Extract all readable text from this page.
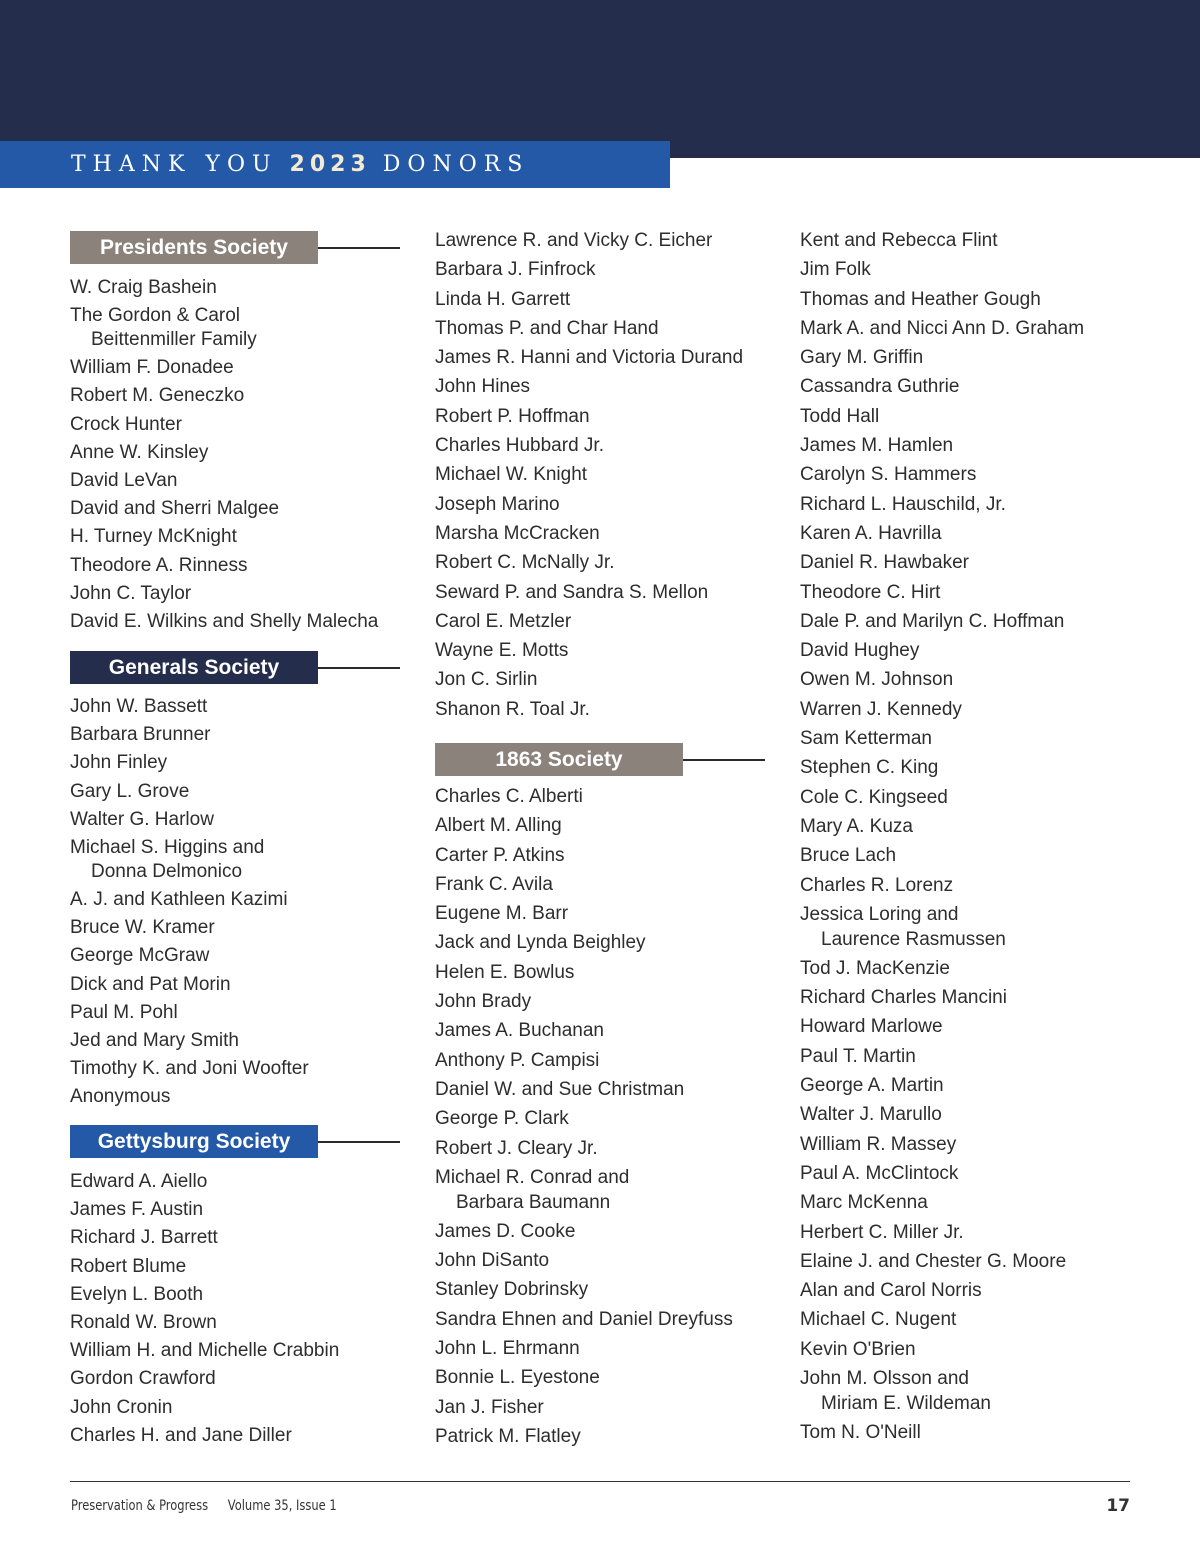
THANK YOU 2023 DONORS
Presidents Society
W. Craig Bashein
The Gordon & Carol
Beittenmiller Family
William F. Donadee
Robert M. Geneczko
Crock Hunter
Anne W. Kinsley
David LeVan
David and Sherri Malgee
H. Turney McKnight
Theodore A. Rinness
John C. Taylor
David E. Wilkins and Shelly Malecha
Generals Society
John W. Bassett
Barbara Brunner
John Finley
Gary L. Grove
Walter G. Harlow
Michael S. Higgins and
Donna Delmonico
A. J. and Kathleen Kazimi
Bruce W. Kramer
George McGraw
Dick and Pat Morin
Paul M. Pohl
Jed and Mary Smith
Timothy K. and Joni Woofter
Anonymous
Gettysburg Society
Edward A. Aiello
James F. Austin
Richard J. Barrett
Robert Blume
Evelyn L. Booth
Ronald W. Brown
William H. and Michelle Crabbin
Gordon Crawford
John Cronin
Charles H. and Jane Diller
Lawrence R. and Vicky C. Eicher
Barbara J. Finfrock
Linda H. Garrett
Thomas P. and Char Hand
James R. Hanni and Victoria Durand
John Hines
Robert P. Hoffman
Charles Hubbard Jr.
Michael W. Knight
Joseph Marino
Marsha McCracken
Robert C. McNally Jr.
Seward P. and Sandra S. Mellon
Carol E. Metzler
Wayne E. Motts
Jon C. Sirlin
Shanon R. Toal Jr.
1863 Society
Charles C. Alberti
Albert M. Alling
Carter P. Atkins
Frank C. Avila
Eugene M. Barr
Jack and Lynda Beighley
Helen E. Bowlus
John Brady
James A. Buchanan
Anthony P. Campisi
Daniel W. and Sue Christman
George P. Clark
Robert J. Cleary Jr.
Michael R. Conrad and
Barbara Baumann
James D. Cooke
John DiSanto
Stanley Dobrinsky
Sandra Ehnen and Daniel Dreyfuss
John L. Ehrmann
Bonnie L. Eyestone
Jan J. Fisher
Patrick M. Flatley
Kent and Rebecca Flint
Jim Folk
Thomas and Heather Gough
Mark A. and Nicci Ann D. Graham
Gary M. Griffin
Cassandra Guthrie
Todd Hall
James M. Hamlen
Carolyn S. Hammers
Richard L. Hauschild, Jr.
Karen A. Havrilla
Daniel R. Hawbaker
Theodore C. Hirt
Dale P. and Marilyn C. Hoffman
David Hughey
Owen M. Johnson
Warren J. Kennedy
Sam Ketterman
Stephen C. King
Cole C. Kingseed
Mary A. Kuza
Bruce Lach
Charles R. Lorenz
Jessica Loring and
Laurence Rasmussen
Tod J. MacKenzie
Richard Charles Mancini
Howard Marlowe
Paul T. Martin
George A. Martin
Walter J. Marullo
William R. Massey
Paul A. McClintock
Marc McKenna
Herbert C. Miller Jr.
Elaine J. and Chester G. Moore
Alan and Carol Norris
Michael C. Nugent
Kevin O'Brien
John M. Olsson and
Miriam E. Wildeman
Tom N. O'Neill
Preservation & Progress Volume 35, Issue 1	17
